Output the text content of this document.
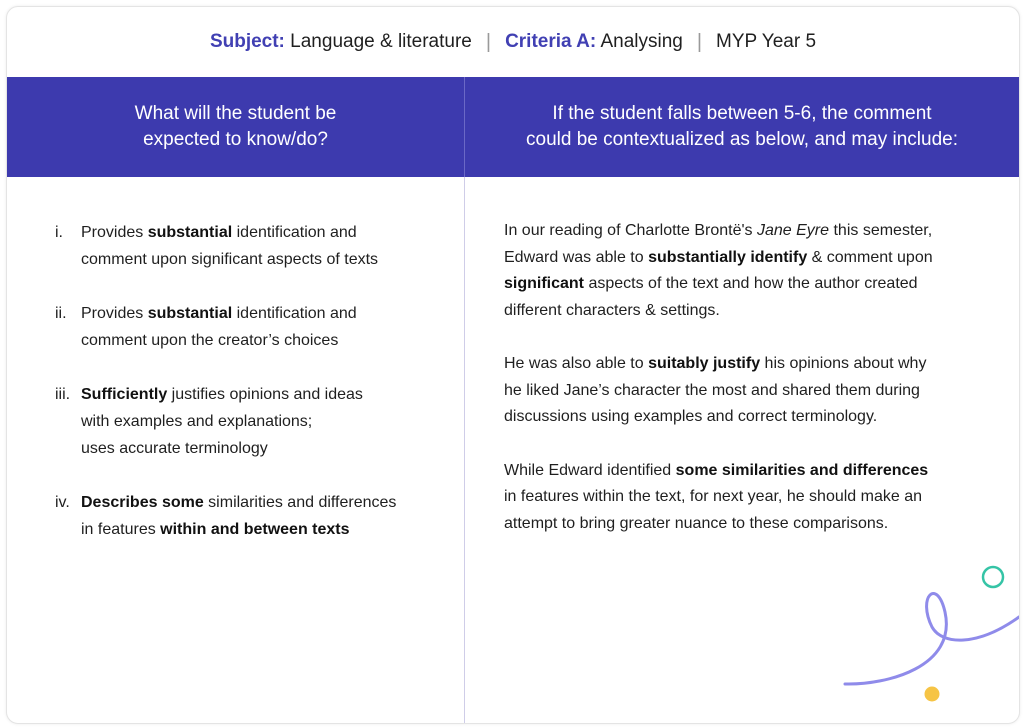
Subject: Language & literature | Criteria A: Analysing | MYP Year 5
What will the student be
expected to know/do?
If the student falls between 5-6, the comment
could be contextualized as below, and may include:
i.	Provides substantial identification and
comment upon significant aspects of texts
ii. Provides substantial identification and
comment upon the creator’s choices
iii. Sufficiently justifies opinions and ideas
with examples and explanations;
uses accurate terminology
iv. Describes some similarities and differences
in features within and between texts

In our reading of Charlotte Brontë's Jane Eyre this semester,
Edward was able to substantially identify & comment upon
significant aspects of the text and how the author created
different characters & settings.

He was also able to suitably justify his opinions about why
he liked Jane’s character the most and shared them during
discussions using examples and correct terminology.

While Edward identified some similarities and differences
in features within the text, for next year, he should make an
attempt to bring greater nuance to these comparisons.
